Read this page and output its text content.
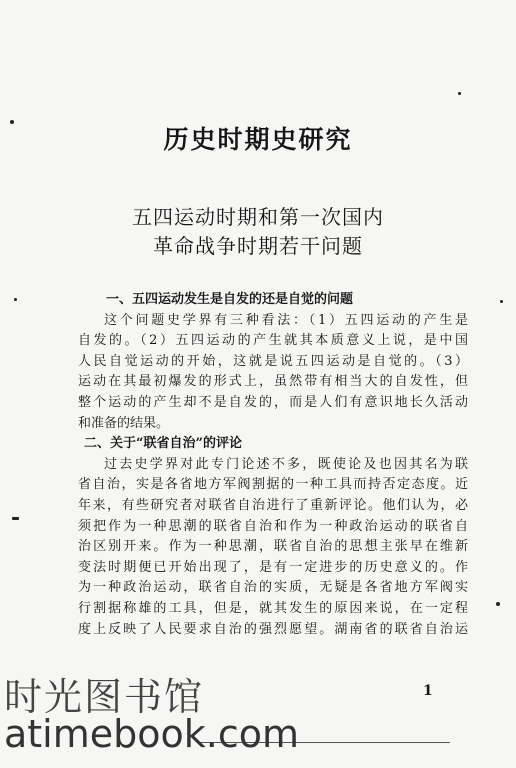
历史时期史研究
五四运动时期和第一次国内
革命战争时期若干问题

一、五四运动发生是自发的还是自觉的问题

这个问题史学界有三种看法：（1）五四运动的产生是
自发的。（2）五四运动的产生就其本质意义上说，是中国
人民自觉运动的开始，这就是说五四运动是自觉的。（3）
运动在其最初爆发的形式上，虽然带有相当大的自发性，但
整个运动的产生却不是自发的，而是人们有意识地长久活动
和准备的结果。

二、关于“联省自治”的评论

过去史学界对此专门论述不多，既使论及也因其名为联
省自治，实是各省地方军阀割据的一种工具而持否定态度。近
年来，有些研究者对联省自治进行了重新评论。他们认为，必
须把作为一种思潮的联省自治和作为一种政治运动的联省自
治区别开来。作为一种思潮，联省自治的思想主张早在维新
变法时期便已开始出现了，是有一定进步的历史意义的。作
为一种政治运动，联省自治的实质，无疑是各省地方军阀实
行割据称雄的工具，但是，就其发生的原因来说，在一定程
度上反映了人民要求自治的强烈愿望。湖南省的联省自治运
1
时光图书馆
atimebook.com
